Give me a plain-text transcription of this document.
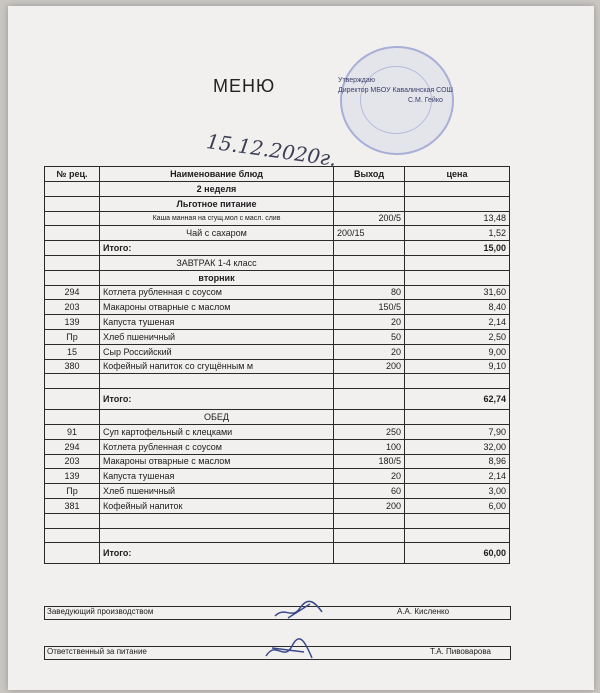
МЕНЮ	Утверждаю
Директор МБОУ Кавалинская СОШ
С.М. Гейко
15.12.2020г.
№ рец.	Наименование блюд	Выход	цена
	2 неделя		
	Льготное питание		
	Каша манная на сгущ.мол с масл. слив	200/5	13,48
	Чай с сахаром	200/15	1,52
	Итого:		15,00
	ЗАВТРАК 1-4 класс		
	вторник		
294	Котлета рубленная с соусом	80	31,60
203	Макароны отварные с маслом	150/5	8,40
139	Капуста тушеная	20	2,14
Пр	Хлеб пшеничный	50	2,50
15	Сыр Российский	20	9,00
380	Кофейный напиток со сгущённым м	200	9,10

	Итого:		62,74
	ОБЕД		
91	Суп картофельный с клецками	250	7,90
294	Котлета рубленная с соусом	100	32,00
203	Макароны отварные с маслом	180/5	8,96
139	Капуста тушеная	20	2,14
Пр	Хлеб пшеничный	60	3,00
381	Кофейный напиток	200	6,00

	Итого:		60,00
Заведующий производством	А.А. Кисленко
Ответственный за питание	Т.А. Пивоварова
